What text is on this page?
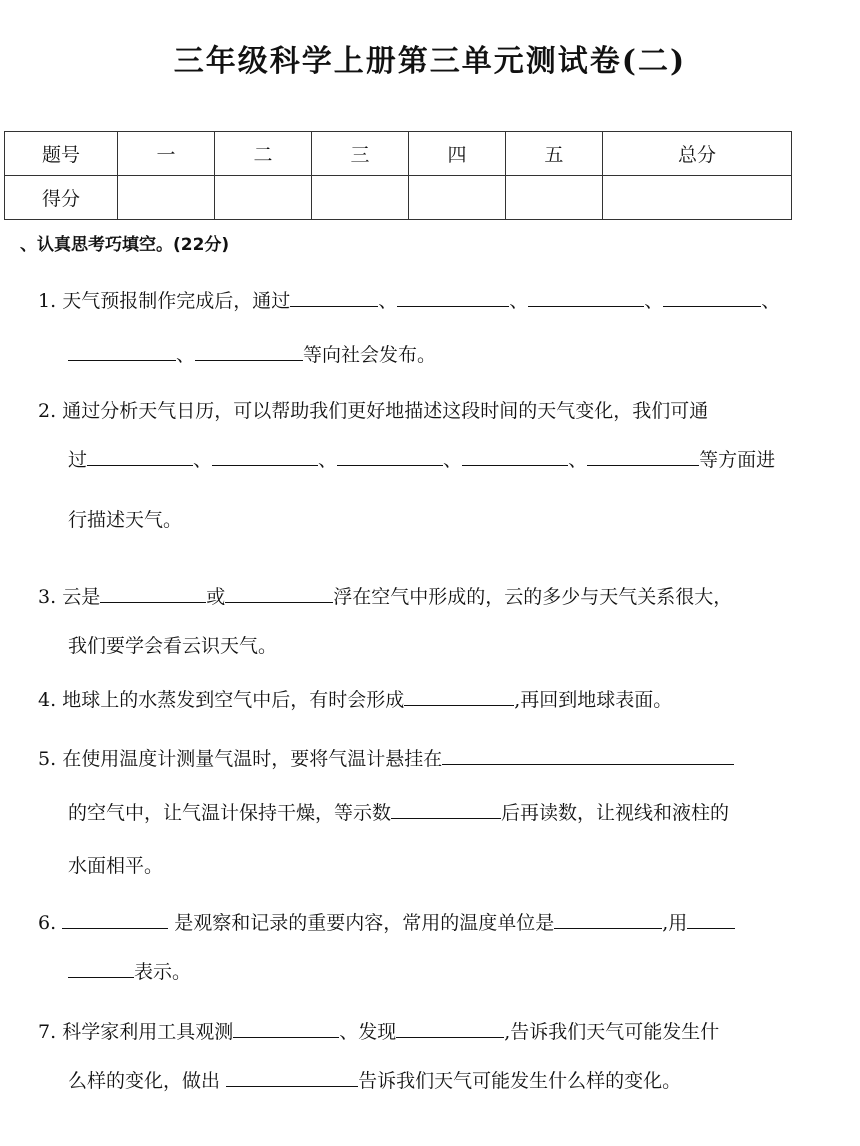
三年级科学上册第三单元测试卷(二)
题号	一	二	三	四	五	总分
得分						
、认真思考巧填空。(22分)
1. 天气预报制作完成后，通过	、	、	、	、
、	等向社会发布。
2. 通过分析天气日历，可以帮助我们更好地描述这段时间的天气变化，我们可通
过	、	、	、	、	等方面进
行描述天气。
3. 云是	或	浮在空气中形成的，云的多少与天气关系很大，
我们要学会看云识天气。
4. 地球上的水蒸发到空气中后，有时会形成	,再回到地球表面。
5. 在使用温度计测量气温时，要将气温计悬挂在
的空气中，让气温计保持干燥，等示数	后再读数，让视线和液柱的
水面相平。
6.	是观察和记录的重要内容，常用的温度单位是	,用
表示。
7. 科学家利用工具观测	、发现	,告诉我们天气可能发生什
么样的变化，做出	告诉我们天气可能发生什么样的变化。
